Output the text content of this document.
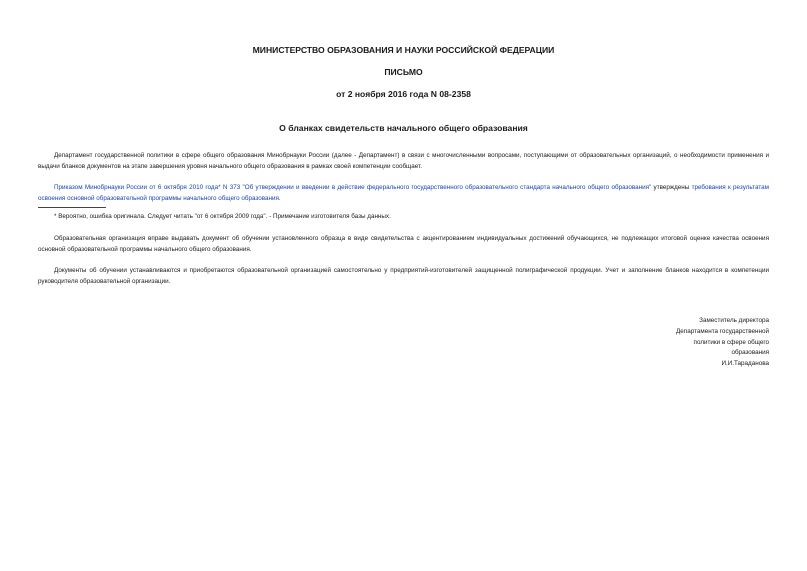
МИНИСТЕРСТВО ОБРАЗОВАНИЯ И НАУКИ РОССИЙСКОЙ ФЕДЕРАЦИИ
ПИСЬМО
от 2 ноября 2016 года N 08-2358
О бланках свидетельств начального общего образования

Департамент государственной политики в сфере общего образования Минобрнауки России (далее - Департамент) в связи с многочисленными вопросами, поступающими от образовательных организаций, о необходимости применения и выдачи бланков документов на этапе завершения уровня начального общего образования в рамках своей компетенции сообщает.

Приказом Минобрнауки России от 6 октября 2010 года* N 373 "Об утверждении и введении в действие федерального государственного образовательного стандарта начального общего образования" утверждены требования к результатам освоения основной образовательной программы начального общего образования.

* Вероятно, ошибка оригинала. Следует читать "от 6 октября 2009 года". - Примечание изготовителя базы данных.

Образовательная организация вправе выдавать документ об обучении установленного образца в виде свидетельства с акцентированием индивидуальных достижений обучающихся, не подлежащих итоговой оценке качества освоения основной образовательной программы начального общего образования.

Документы об обучении устанавливаются и приобретаются образовательной организацией самостоятельно у предприятий-изготовителей защищенной полиграфической продукции. Учет и заполнение бланков находится в компетенции руководителя образовательной организации.

Заместитель директора
Департамента государственной
политики в сфере общего
образования
И.И.Тараданова
